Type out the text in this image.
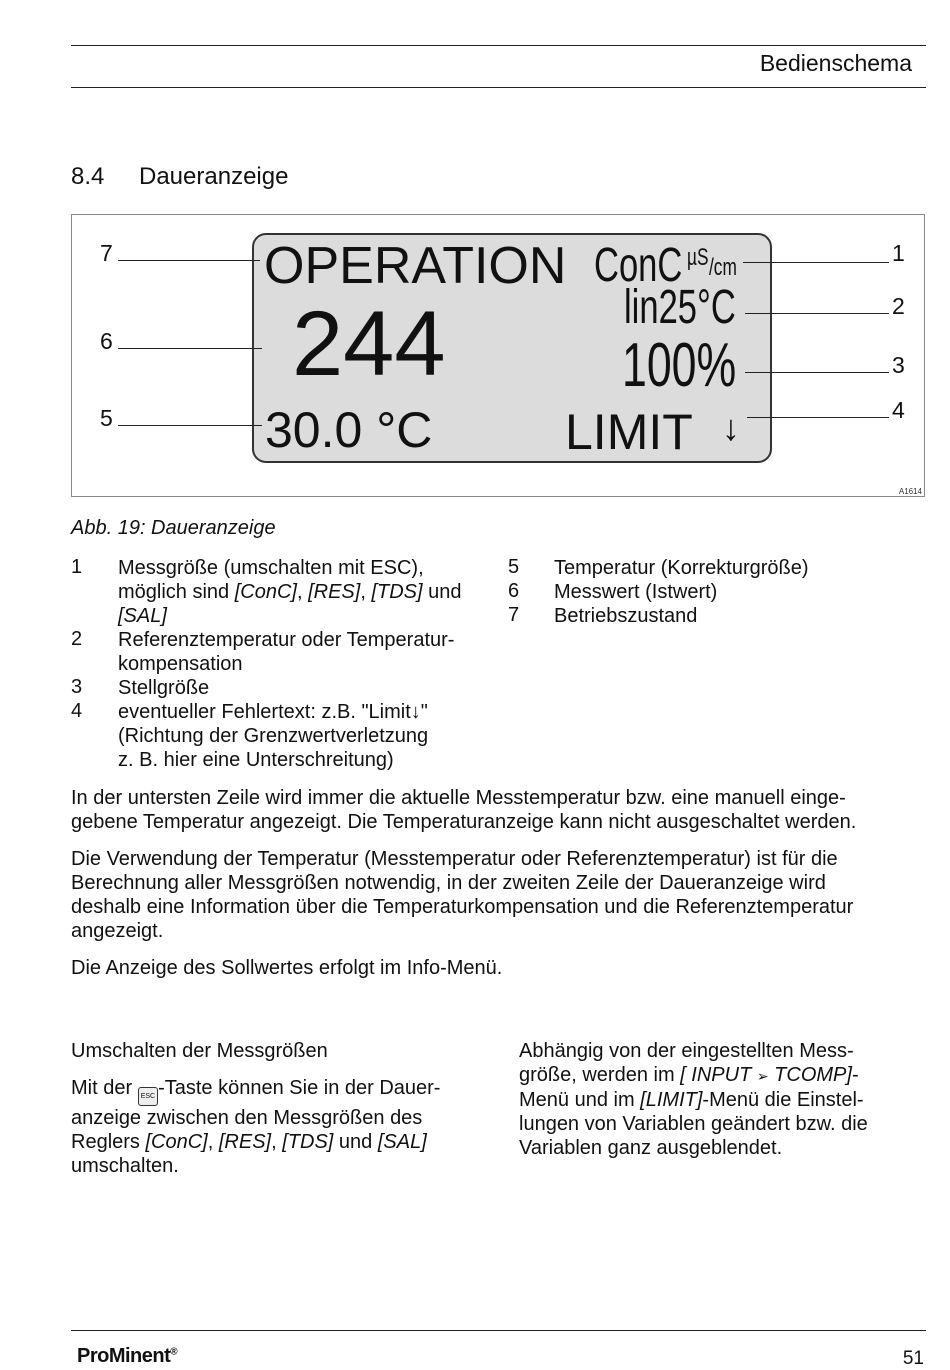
Bedienschema
8.4 Daueranzeige
OPERATION ConC µS /cm
lin25°C
100%
244
30.0 °C	LIMIT ↓
7
6
5
1
2
3
4
A1614
Abb. 19: Daueranzeige
1 Messgröße (umschalten mit ESC),
möglich sind [ConC], [RES], [TDS] und
[SAL]
2 Referenztemperatur oder Temperatur-
kompensation
3 Stellgröße
4 eventueller Fehlertext: z.B. "Limit↓"
(Richtung der Grenzwertverletzung
z. B. hier eine Unterschreitung)
5 Temperatur (Korrekturgröße)
6 Messwert (Istwert)
7 Betriebszustand
In der untersten Zeile wird immer die aktuelle Messtemperatur bzw. eine manuell einge-
gebene Temperatur angezeigt. Die Temperaturanzeige kann nicht ausgeschaltet werden.
Die Verwendung der Temperatur (Messtemperatur oder Referenztemperatur) ist für die
Berechnung aller Messgrößen notwendig, in der zweiten Zeile der Daueranzeige wird
deshalb eine Information über die Temperaturkompensation und die Referenztemperatur
angezeigt.
Die Anzeige des Sollwertes erfolgt im Info-Menü.
Umschalten der Messgrößen
Mit der ESC -Taste können Sie in der Dauer-
anzeige zwischen den Messgrößen des
Reglers [ConC], [RES], [TDS] und [SAL]
umschalten.
Abhängig von der eingestellten Mess-
größe, werden im [ INPUT ➢ TCOMP]-
Menü und im [LIMIT]-Menü die Einstel-
lungen von Variablen geändert bzw. die
Variablen ganz ausgeblendet.
ProMinent®	51
